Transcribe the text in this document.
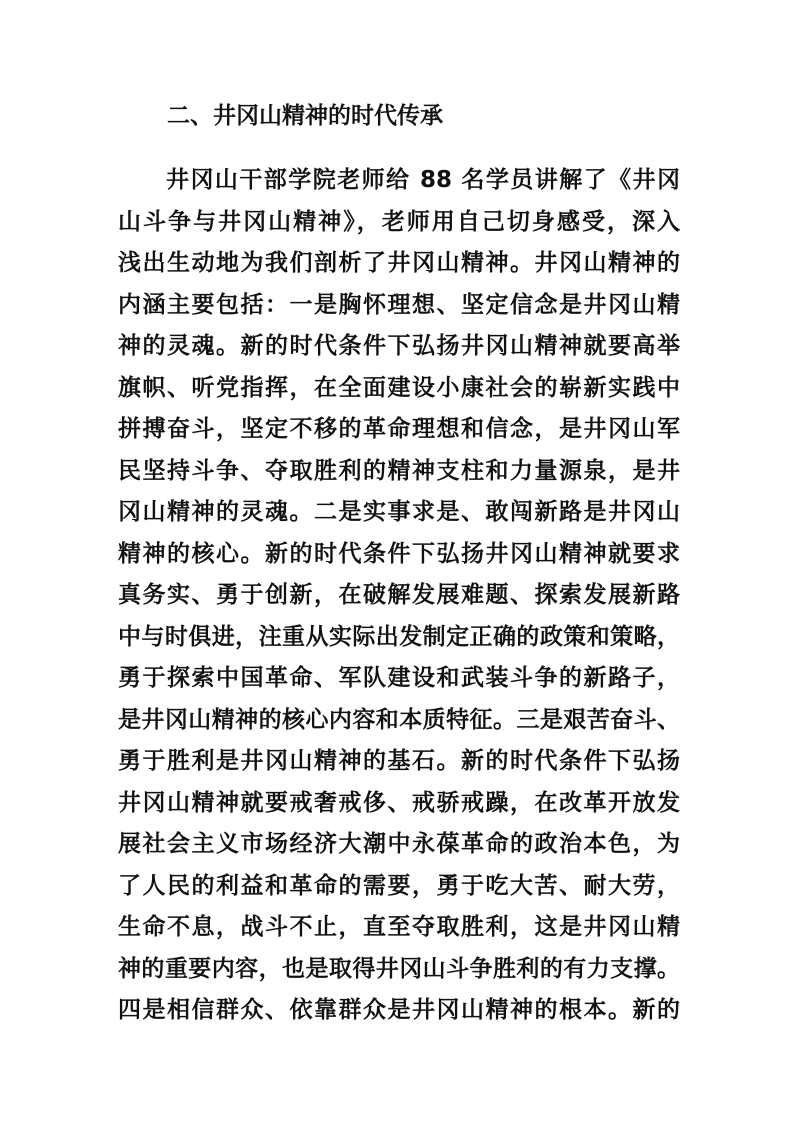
二、井冈山精神的时代传承
井冈山干部学院老师给 88 名学员讲解了《井冈
山斗争与井冈山精神》，老师用自己切身感受，深入
浅出生动地为我们剖析了井冈山精神。井冈山精神的
内涵主要包括：一是胸怀理想、坚定信念是井冈山精
神的灵魂。新的时代条件下弘扬井冈山精神就要高举
旗帜、听党指挥，在全面建设小康社会的崭新实践中
拼搏奋斗，坚定不移的革命理想和信念，是井冈山军
民坚持斗争、夺取胜利的精神支柱和力量源泉，是井
冈山精神的灵魂。二是实事求是、敢闯新路是井冈山
精神的核心。新的时代条件下弘扬井冈山精神就要求
真务实、勇于创新，在破解发展难题、探索发展新路
中与时俱进，注重从实际出发制定正确的政策和策略，
勇于探索中国革命、军队建设和武装斗争的新路子，
是井冈山精神的核心内容和本质特征。三是艰苦奋斗、
勇于胜利是井冈山精神的基石。新的时代条件下弘扬
井冈山精神就要戒奢戒侈、戒骄戒躁，在改革开放发
展社会主义市场经济大潮中永葆革命的政治本色，为
了人民的利益和革命的需要，勇于吃大苦、耐大劳，
生命不息，战斗不止，直至夺取胜利，这是井冈山精
神的重要内容，也是取得井冈山斗争胜利的有力支撑。
四是相信群众、依靠群众是井冈山精神的根本。新的
